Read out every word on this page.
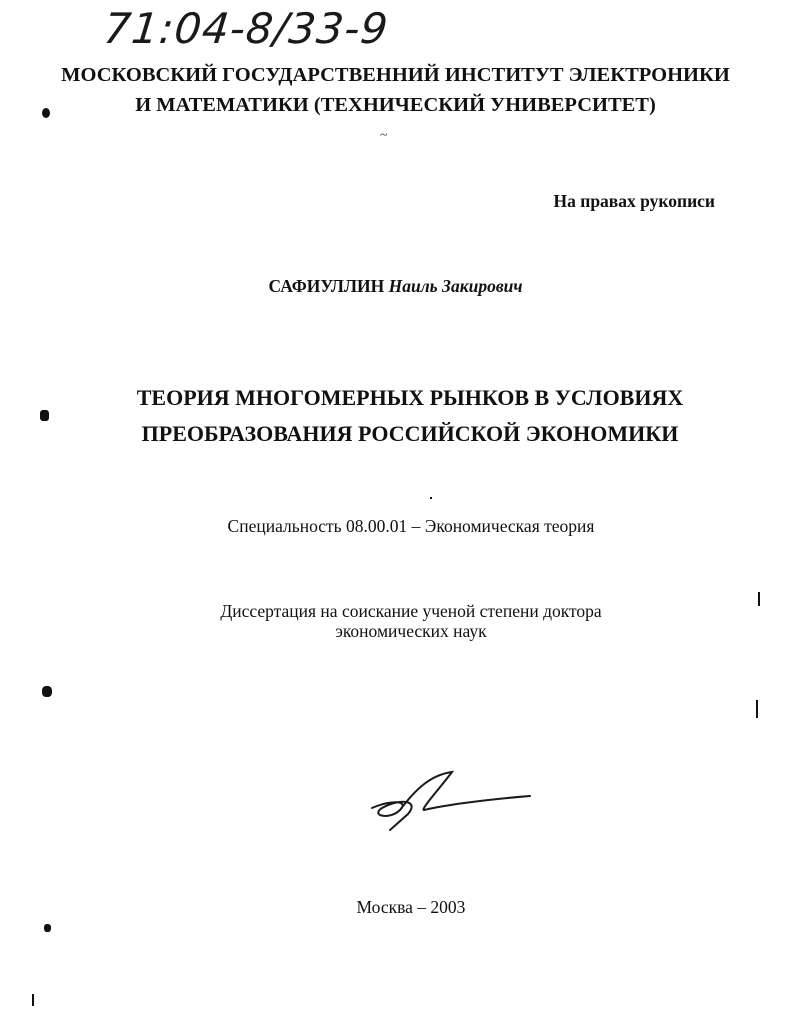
71:04-8/33-9
МОСКОВСКИЙ ГОСУДАРСТВЕННИЙ ИНСТИТУТ ЭЛЕКТРОНИКИ
И МАТЕМАТИКИ (ТЕХНИЧЕСКИЙ УНИВЕРСИТЕТ)
~
На правах рукописи
САФИУЛЛИН Наиль Закирович
ТЕОРИЯ МНОГОМЕРНЫХ РЫНКОВ В УСЛОВИЯХ
ПРЕОБРАЗОВАНИЯ РОССИЙСКОЙ ЭКОНОМИКИ
Специальность 08.00.01 – Экономическая теория
Диссертация на соискание ученой степени доктора
экономических наук
Москва – 2003
